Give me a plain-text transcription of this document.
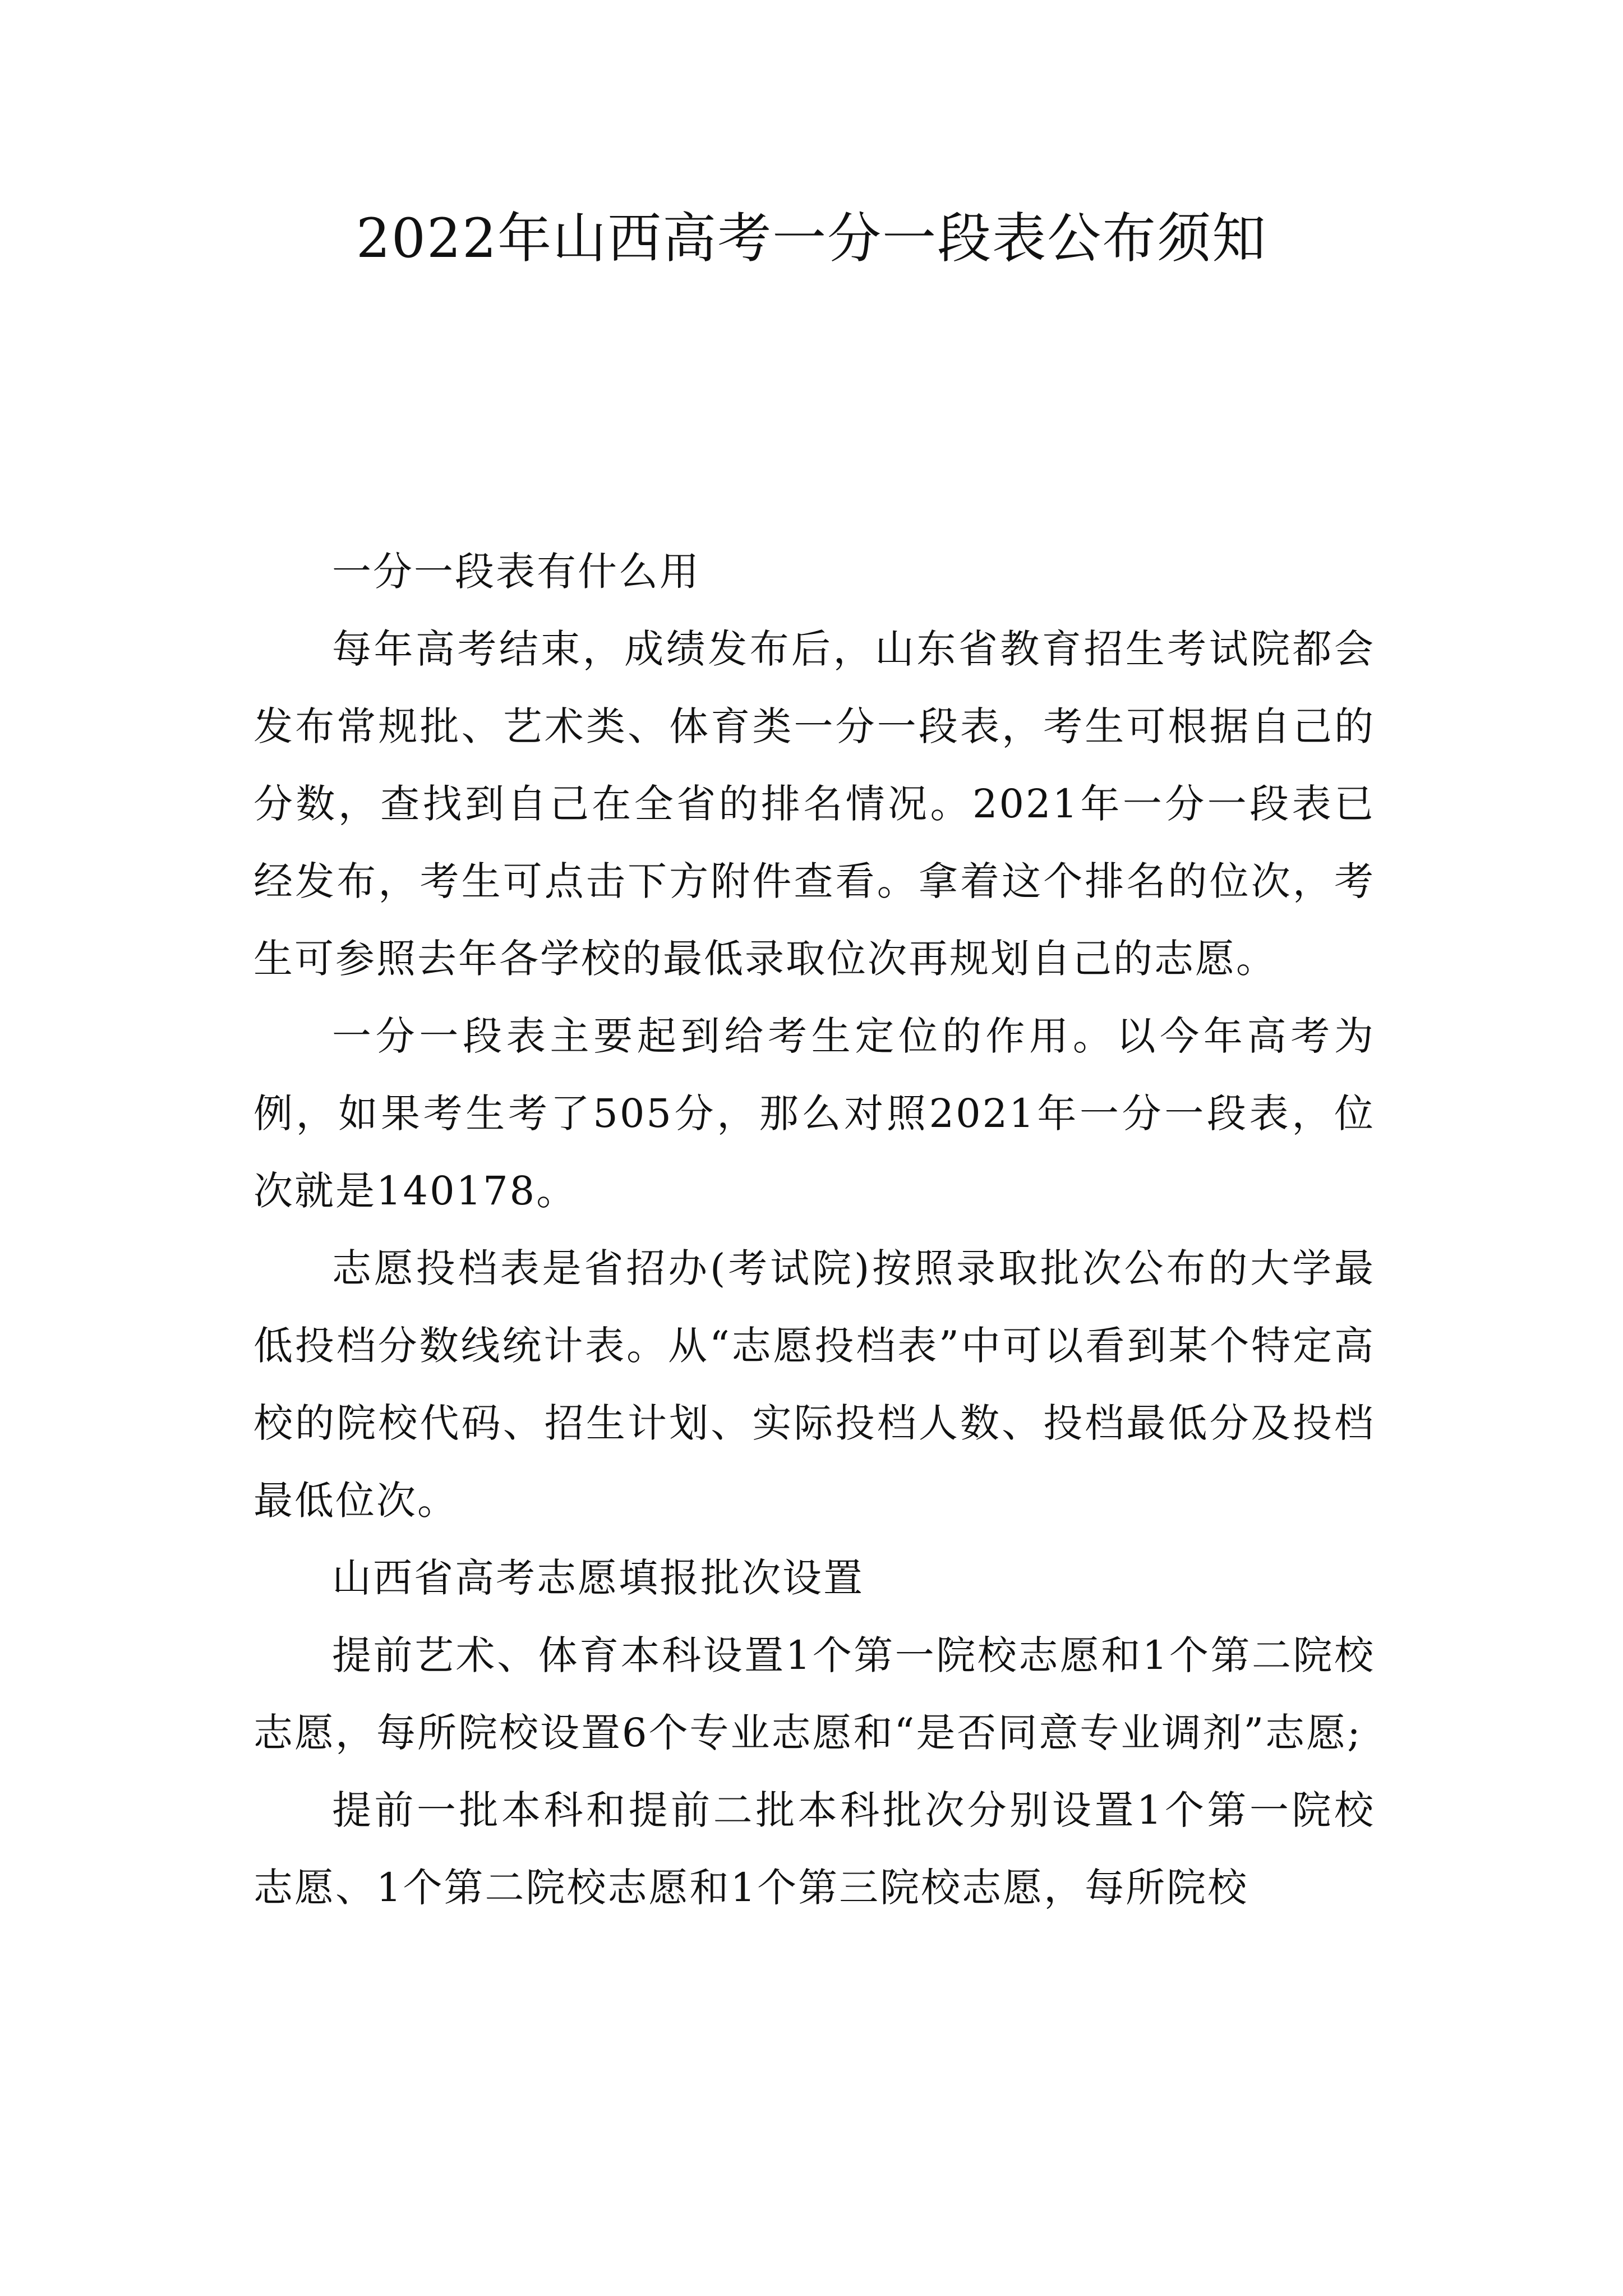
2022年山西高考一分一段表公布须知

一分一段表有什么用

每年高考结束，成绩发布后，山东省教育招生考试院都会发布常规批、艺术类、体育类一分一段表，考生可根据自己的分数，查找到自己在全省的排名情况。2021年一分一段表已经发布，考生可点击下方附件查看。拿着这个排名的位次，考生可参照去年各学校的最低录取位次再规划自己的志愿。

一分一段表主要起到给考生定位的作用。以今年高考为例，如果考生考了505分，那么对照2021年一分一段表，位次就是140178。

志愿投档表是省招办(考试院)按照录取批次公布的大学最低投档分数线统计表。从“志愿投档表”中可以看到某个特定高校的院校代码、招生计划、实际投档人数、投档最低分及投档最低位次。

山西省高考志愿填报批次设置

提前艺术、体育本科设置1个第一院校志愿和1个第二院校志愿，每所院校设置6个专业志愿和“是否同意专业调剂”志愿;

提前一批本科和提前二批本科批次分别设置1个第一院校志愿、1个第二院校志愿和1个第三院校志愿，每所院校
